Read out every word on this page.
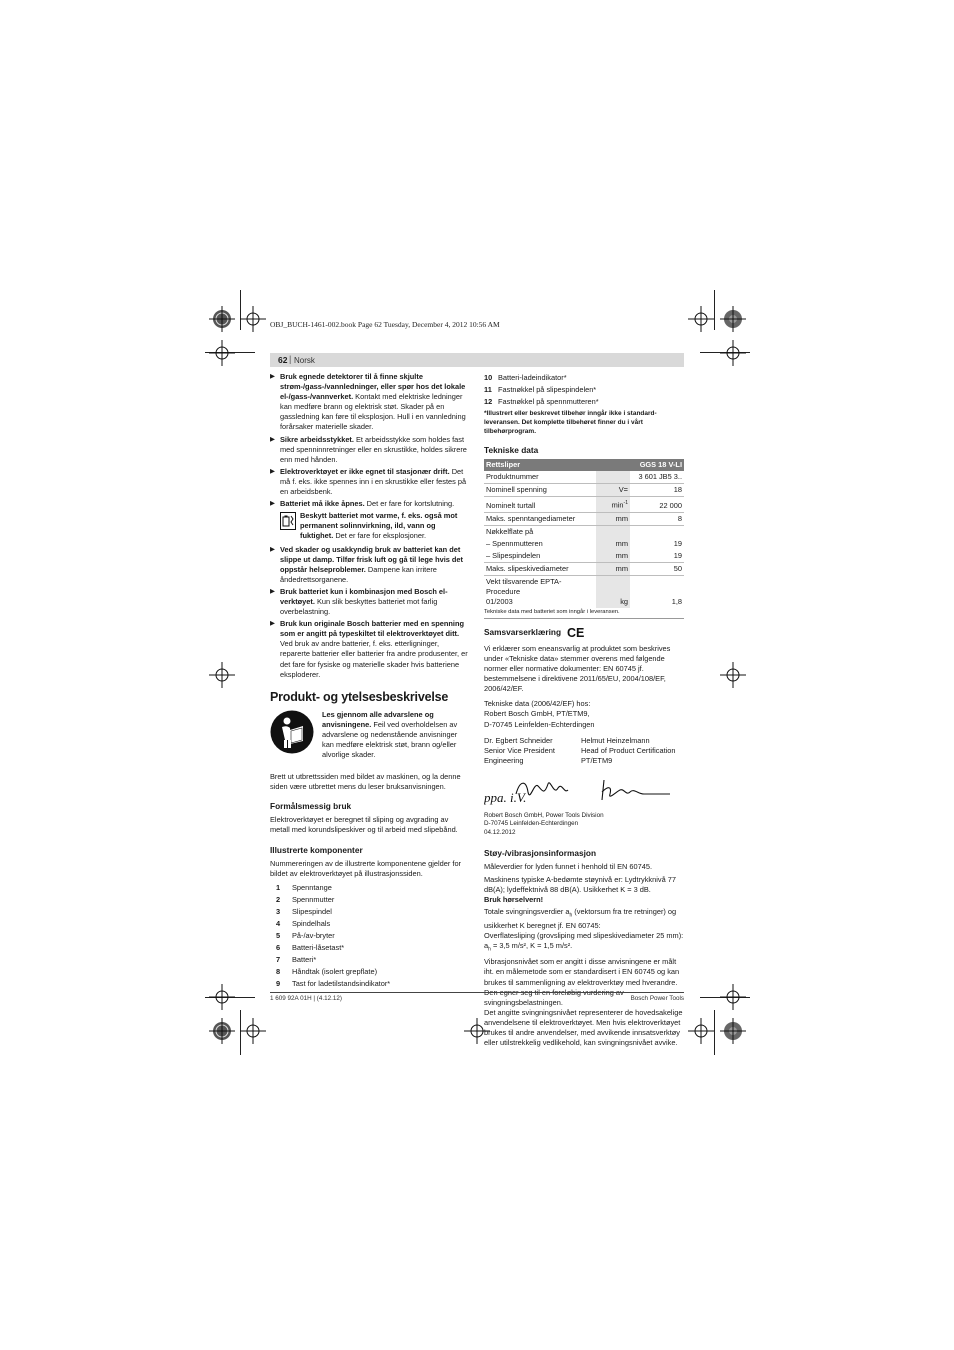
OBJ_BUCH-1461-002.book Page 62 Tuesday, December 4, 2012 10:56 AM
62 | Norsk

▶ Bruk egnede detektorer til å finne skjulte strøm-/gass-/vannledninger, eller spør hos det lokale el-/gass-/vannverket. Kontakt med elektriske ledninger kan medføre brann og elektrisk støt. Skader på en gassledning kan føre til eksplosjon. Hull i en vannledning forårsaker materielle skader.

▶ Sikre arbeidsstykket. Et arbeidsstykke som holdes fast med spenninnretninger eller en skrustikke, holdes sikrere enn med hånden.

▶ Elektroverktøyet er ikke egnet til stasjonær drift. Det må f. eks. ikke spennes inn i en skrustikke eller festes på en arbeidsbenk.

▶ Batteriet må ikke åpnes. Det er fare for kortslutning.

Beskytt batteriet mot varme, f. eks. også mot permanent solinnvirkning, ild, vann og fuktighet. Det er fare for eksplosjoner.

▶ Ved skader og usakkyndig bruk av batteriet kan det slippe ut damp. Tilfør frisk luft og gå til lege hvis det oppstår helseproblemer. Dampene kan irritere åndedrettsorganene.

▶ Bruk batteriet kun i kombinasjon med Bosch el-verktøyet. Kun slik beskyttes batteriet mot farlig overbelastning.

▶ Bruk kun originale Bosch batterier med en spenning som er angitt på typeskiltet til elektroverktøyet ditt. Ved bruk av andre batterier, f. eks. etterligninger, reparerte batterier eller batterier fra andre produsenter, er det fare for fysiske og materielle skader hvis batteriene eksploderer.

Produkt- og ytelsesbeskrivelse

Les gjennom alle advarslene og anvisningene. Feil ved overholdelsen av advarslene og nedenstående anvisninger kan medføre elektrisk støt, brann og/eller alvorlige skader.

Brett ut utbrettssiden med bildet av maskinen, og la denne siden være utbrettet mens du leser bruksanvisningen.

Formålsmessig bruk

Elektroverktøyet er beregnet til sliping og avgrading av metall med korundslipeskiver og til arbeid med slipebånd.

Illustrerte komponenter

Nummereringen av de illustrerte komponentene gjelder for bildet av elektroverktøyet på illustrasjonssiden.

1	Spenntange
2	Spennmutter
3	Slipespindel
4	Spindelhals
5	På-/av-bryter
6	Batteri-låsetast*
7	Batteri*
8	Håndtak (isolert grepflate)
9	Tast for ladetilstandsindikator*
10 Batteri-ladeindikator*
11 Fastnøkkel på slipespindelen*
12 Fastnøkkel på spennmutteren*

*Illustrert eller beskrevet tilbehør inngår ikke i standard-leveransen. Det komplette tilbehøret finner du i vårt tilbehørprogram.

Tekniske data

Rettsliper		GGS 18 V-LI
Produktnummer		3 601 JB5 3..
Nominell spenning	V=	18
Nominelt turtall	$\min^{-1}$	22 000
Maks. spenntangediameter	mm	8
Nøkkelflate på		
– Spennmutteren	mm	19
– Slipespindelen	mm	19
Maks. slipeskivediameter	mm	50
Vekt tilsvarende EPTA-Procedure
01/2003	kg	1,8

Tekniske data med batteriet som inngår i leveransen.

Samsvarserklæring CE

Vi erklærer som eneansvarlig at produktet som beskrives under «Tekniske data» stemmer overens med følgende normer eller normative dokumenter: EN 60745 jf. bestemmelsene i direktivene 2011/65/EU, 2004/108/EF, 2006/42/EF.

Tekniske data (2006/42/EF) hos:
Robert Bosch GmbH, PT/ETM9,
D-70745 Leinfelden-Echterdingen

Dr. Egbert Schneider
Senior Vice President
Engineering
Helmut Heinzelmann
Head of Product Certification
PT/ETM9
ppa. i.V.

Robert Bosch GmbH, Power Tools Division
D-70745 Leinfelden-Echterdingen
04.12.2012

Støy-/vibrasjonsinformasjon

Måleverdier for lyden funnet i henhold til EN 60745.

Maskinens typiske A-bedømte støynivå er: Lydtrykknivå 77 dB(A); lydeffektnivå 88 dB(A). Usikkerhet K = 3 dB.

Bruk hørselvern!

Totale svingningsverdier $a_h$ (vektorsum fra tre retninger) og usikkerhet K beregnet jf. EN 60745:

Overflatesliping (grovsliping med slipeskivediameter 25 mm): $a_h = 3,5$ m/s², K = 1,5 m/s².

Vibrasjonsnivået som er angitt i disse anvisningene er målt iht. en målemetode som er standardisert i EN 60745 og kan brukes til sammenligning av elektroverktøy med hverandre. svingningsbelastningen.

Det angitte svingningsnivået representerer de hovedsakelige anvendelsene til elektroverktøyet. Men hvis elektroverktøyet brukes til andre anvendelser, med avvikende innsatsverktøy eller utilstrekkelig vedlikehold, kan svingningsnivået avvike.

1 609 92A 01H | (4.12.12)	Bosch Power Tools
